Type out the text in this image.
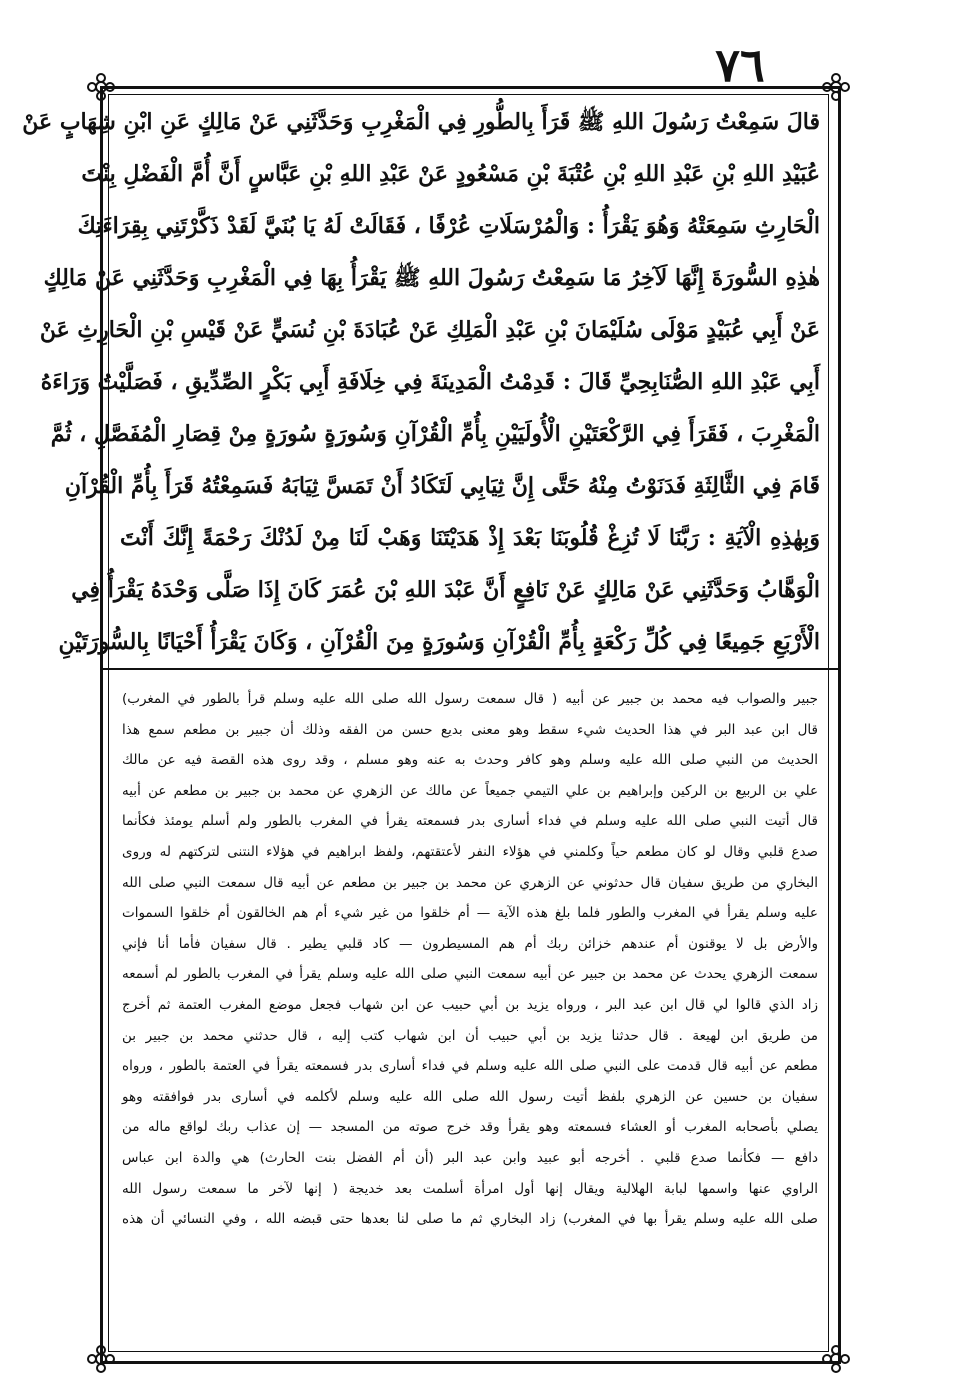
٧٦
قالَ سَمِعْتُ رَسُولَ اللهِ ﷺ قَرَأَ بِالطُّورِ فِي الْمَغْرِبِ وَحَدَّثَنِي عَنْ مَالِكٍ عَنِ ابْنِ شِهَابٍ عَنْ
عُبَيْدِ اللهِ بْنِ عَبْدِ اللهِ بْنِ عُتْبَةَ بْنِ مَسْعُودٍ عَنْ عَبْدِ اللهِ بْنِ عَبَّاسٍ أَنَّ أُمَّ الْفَضْلِ بِنْتَ
الْحَارِثِ سَمِعَتْهُ وَهُوَ يَقْرَأُ : وَالْمُرْسَلَاتِ عُرْفًا ، فَقَالَتْ لَهُ يَا بُنَيَّ لَقَدْ ذَكَّرْتَنِي بِقِرَاءَتِكَ
هٰذِهِ السُّورَةَ إِنَّهَا لَآخِرُ مَا سَمِعْتُ رَسُولَ اللهِ ﷺ يَقْرَأُ بِهَا فِي الْمَغْرِبِ وَحَدَّثَنِي عَنْ مَالِكٍ
عَنْ أَبِي عُبَيْدٍ مَوْلَى سُلَيْمَانَ بْنِ عَبْدِ الْمَلِكِ عَنْ عُبَادَةَ بْنِ نُسَيٍّ عَنْ قَيْسِ بْنِ الْحَارِثِ عَنْ
أَبِي عَبْدِ اللهِ الصُّنَابِحِيِّ قَالَ : قَدِمْتُ الْمَدِينَةَ فِي خِلَافَةِ أَبِي بَكْرٍ الصِّدِّيقِ ، فَصَلَّيْتُ وَرَاءَهُ
الْمَغْرِبَ ، فَقَرَأَ فِي الرَّكْعَتَيْنِ الْأُولَيَيْنِ بِأُمِّ الْقُرْآنِ وَسُورَةٍ سُورَةٍ مِنْ قِصَارِ الْمُفَصَّلِ ، ثُمَّ
قَامَ فِي الثَّالِثَةِ فَدَنَوْتُ مِنْهُ حَتَّى إِنَّ ثِيَابِي لَتَكَادُ أَنْ تَمَسَّ ثِيَابَهُ فَسَمِعْتُهُ قَرَأَ بِأُمِّ الْقُرْآنِ
وَبِهٰذِهِ الْآيَةِ : رَبَّنَا لَا تُزِغْ قُلُوبَنَا بَعْدَ إِذْ هَدَيْتَنَا وَهَبْ لَنَا مِنْ لَدُنْكَ رَحْمَةً إِنَّكَ أَنْتَ
الْوَهَّابُ وَحَدَّثَنِي عَنْ مَالِكٍ عَنْ نَافِعٍ أَنَّ عَبْدَ اللهِ بْنَ عُمَرَ كَانَ إِذَا صَلَّى وَحْدَهُ يَقْرَأُ فِي
الْأَرْبَعِ جَمِيعًا فِي كُلِّ رَكْعَةٍ بِأُمِّ الْقُرْآنِ وَسُورَةٍ مِنَ الْقُرْآنِ ، وَكَانَ يَقْرَأُ أَحْيَانًا بِالسُّورَتَيْنِ
جبير والصواب فيه محمد بن جبير عن أبيه ( قال سمعت رسول الله صلى الله عليه وسلم قرأ بالطور في المغرب)
قال ابن عبد البر في هذا الحديث شيء سقط وهو معنى بديع حسن من الفقه وذلك أن جبير بن مطعم سمع هذا
الحديث من النبي صلى الله عليه وسلم وهو كافر وحدث به عنه وهو مسلم ، وقد روى هذه القصة فيه عن مالك
علي بن الربيع بن الركين وإبراهيم بن علي التيمي جميعاً عن مالك عن الزهري عن محمد بن جبير بن مطعم عن أبيه
قال أتيت النبي صلى الله عليه وسلم في فداء أسارى بدر فسمعته يقرأ في المغرب بالطور ولم أسلم يومئذ فكأنما
صدع قلبي وقال لو كان مطعم حياً وكلمني في هؤلاء النفر لأعتقتهم، ولفظ ابراهيم في هؤلاء النتنى لتركتهم له وروى
البخاري من طريق سفيان قال حدثوني عن الزهري عن محمد بن جبير بن مطعم عن أبيه قال سمعت النبي صلى الله
عليه وسلم يقرأ في المغرب والطور فلما بلغ هذه الآية — أم خلقوا من غير شيء أم هم الخالقون أم خلقوا السموات
والأرض بل لا يوقنون أم عندهم خزائن ربك أم هم المسيطرون — كاد قلبي يطير . قال سفيان فأما أنا فإني
سمعت الزهري يحدث عن محمد بن جبير عن أبيه سمعت النبي صلى الله عليه وسلم يقرأ في المغرب بالطور لم أسمعه
زاد الذي قالوا لي قال ابن عبد البر ، ورواه يزيد بن أبي حبيب عن ابن شهاب فجعل موضع المغرب العتمة ثم أخرج
من طريق ابن لهيعة . قال حدثنا يزيد بن أبي حبيب أن ابن شهاب كتب إليه ، قال حدثني محمد بن جبير بن
مطعم عن أبيه قال قدمت على النبي صلى الله عليه وسلم في فداء أسارى بدر فسمعته يقرأ في العتمة بالطور ، ورواه
سفيان بن حسين عن الزهري بلفظ أتيت رسول الله صلى الله عليه وسلم لأكلمه في أسارى بدر فوافقته وهو
يصلي بأصحابه المغرب أو العشاء فسمعته وهو يقرأ وقد خرج صوته من المسجد — إن عذاب ربك لواقع ماله من
دافع — فكأنما صدع قلبي . أخرجه أبو عبيد وابن عبد البر (أن أم الفضل بنت الحارث) هي والدة ابن عباس
الراوي عنها واسمها لبابة الهلالية ويقال إنها أول امرأة أسلمت بعد خديجة ( إنها لآخر ما سمعت رسول الله
صلى الله عليه وسلم يقرأ بها في المغرب) زاد البخاري ثم ما صلى لنا بعدها حتى قبضه الله ، وفي النسائي أن هذه
